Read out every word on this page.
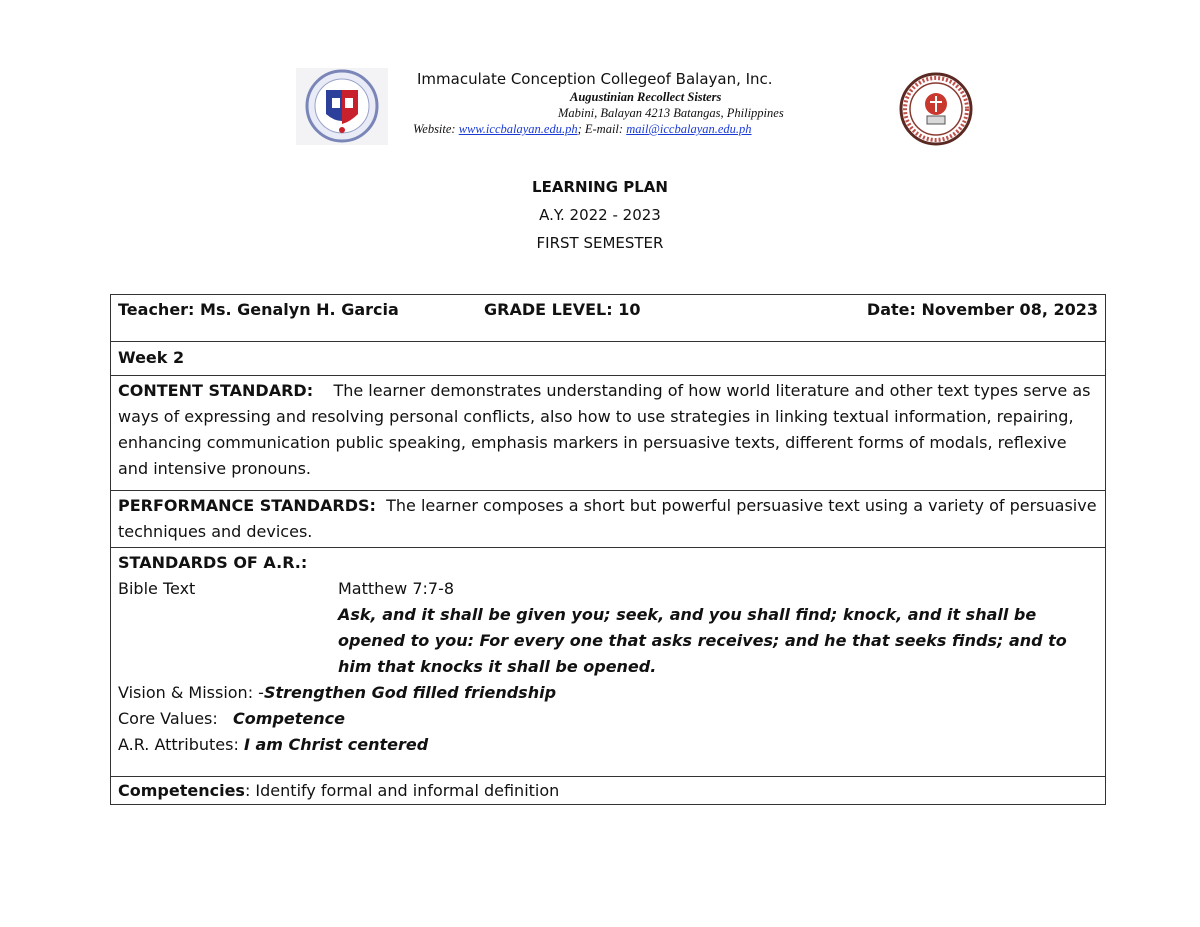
Immaculate Conception Collegeof Balayan, Inc.
Augustinian Recollect Sisters
Mabini, Balayan 4213 Batangas, Philippines
Website: www.iccbalayan.edu.ph; E-mail: mail@iccbalayan.edu.ph
LEARNING PLAN
A.Y. 2022 - 2023
FIRST SEMESTER
Teacher: Ms. Genalyn H. Garcia	GRADE LEVEL: 10	Date: November 08, 2023

Week 2
CONTENT STANDARD: The learner demonstrates understanding of how world literature and other text types serve as ways of expressing and resolving personal conflicts, also how to use strategies in linking textual information, repairing, enhancing communication public speaking, emphasis markers in persuasive texts, different forms of modals, reflexive and intensive pronouns.
PERFORMANCE STANDARDS: The learner composes a short but powerful persuasive text using a variety of persuasive techniques and devices.

STANDARDS OF A.R.:
Bible Text	Matthew 7:7-8
Ask, and it shall be given you; seek, and you shall find; knock, and it shall be opened to you: For every one that asks receives; and he that seeks finds; and to him that knocks it shall be opened.
Vision & Mission: -Strengthen God filled friendship
Core Values:   Competence
A.R. Attributes: I am Christ centered

Competencies: Identify formal and informal definition
